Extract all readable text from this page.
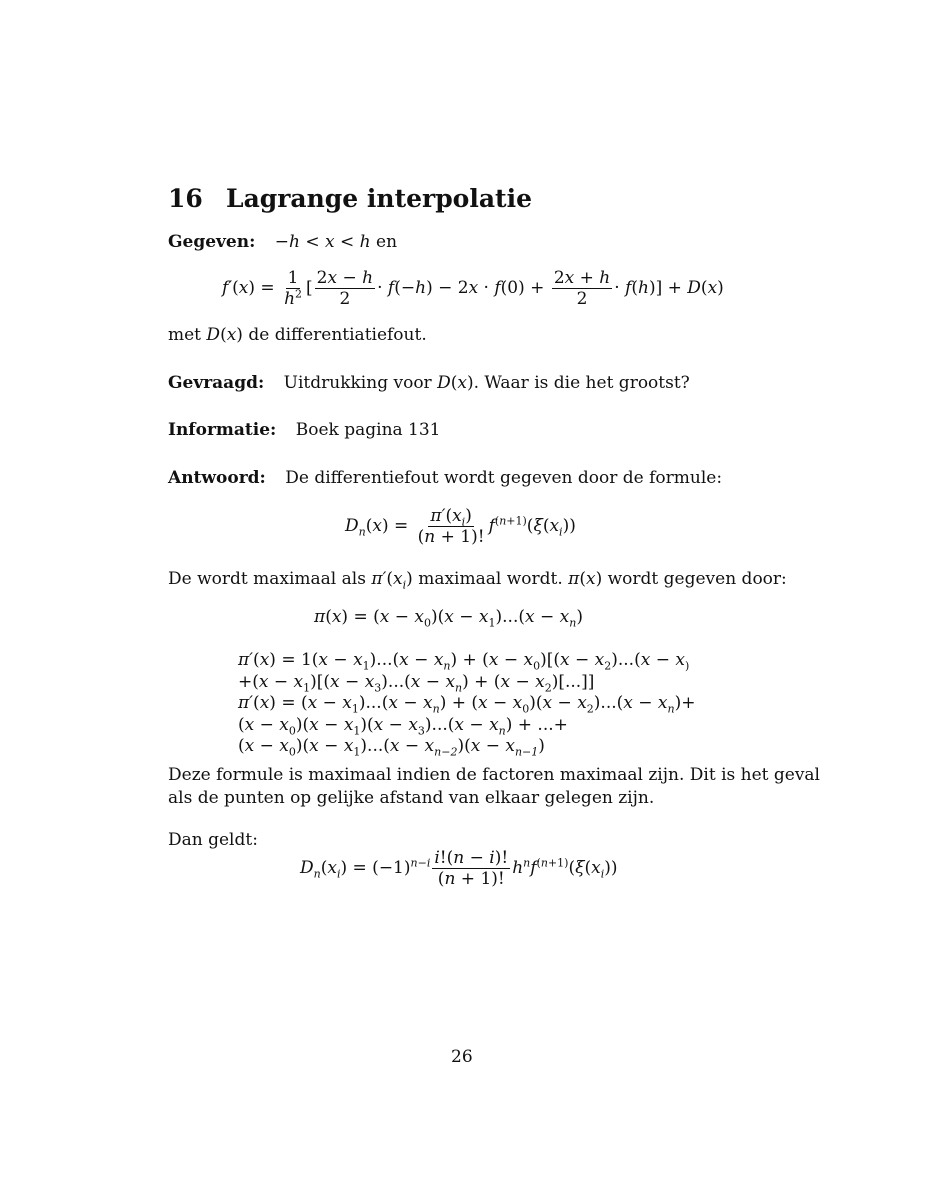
16 Lagrange interpolatie
Gegeven: −h < x < h en
$f'(x) = \frac{1}{h^2}$ [ $\frac{2x - h}{2} \cdot f(-h) - 2x \cdot f(0) + \frac{2x + h}{2} \cdot f(h)] + D(x)$
met D(x) de differentiatiefout.
Gevraagd: Uitdrukking voor D(x). Waar is die het grootst?
Informatie: Boek pagina 131
Antwoord: De differentiefout wordt gegeven door de formule:
$D_n(x) = \frac{\pi'(x_i)}{(n + 1)!} f^{(n+1)}(\xi(x_i))$
De wordt maximaal als $\pi'(x_i)$ maximaal wordt. π(x) wordt gegeven door:
$\pi(x) = (x - x_0)(x - x_1)...(x - x_n)$
$\pi'(x) = 1(x - x_1)...(x - x_n) + (x - x_0)[(x - x_2)...(x - x_)$
$+(x - x_1)[(x - x_3)...(x - x_n) + (x - x_2)[...]]$
$\pi'(x) = (x - x_1)...(x - x_n) + (x - x_0)(x - x_2)...(x - x_n)+$
$(x - x_0)(x - x_1)(x - x_3)...(x - x_n)$ + ...+
$(x - x_0)(x - x_1)...(x - x_{n-2})(x - x_{n-1})$
Deze formule is maximaal indien de factoren maximaal zijn. Dit is het geval
als de punten op gelijke afstand van elkaar gelegen zijn.
Dan geldt:
$D_n(x_i) = (-1)^{n-i} \frac{i!(n - i)!}{(n + 1)!} h^nf^{(n+1)}(\xi(x_i))$
26
